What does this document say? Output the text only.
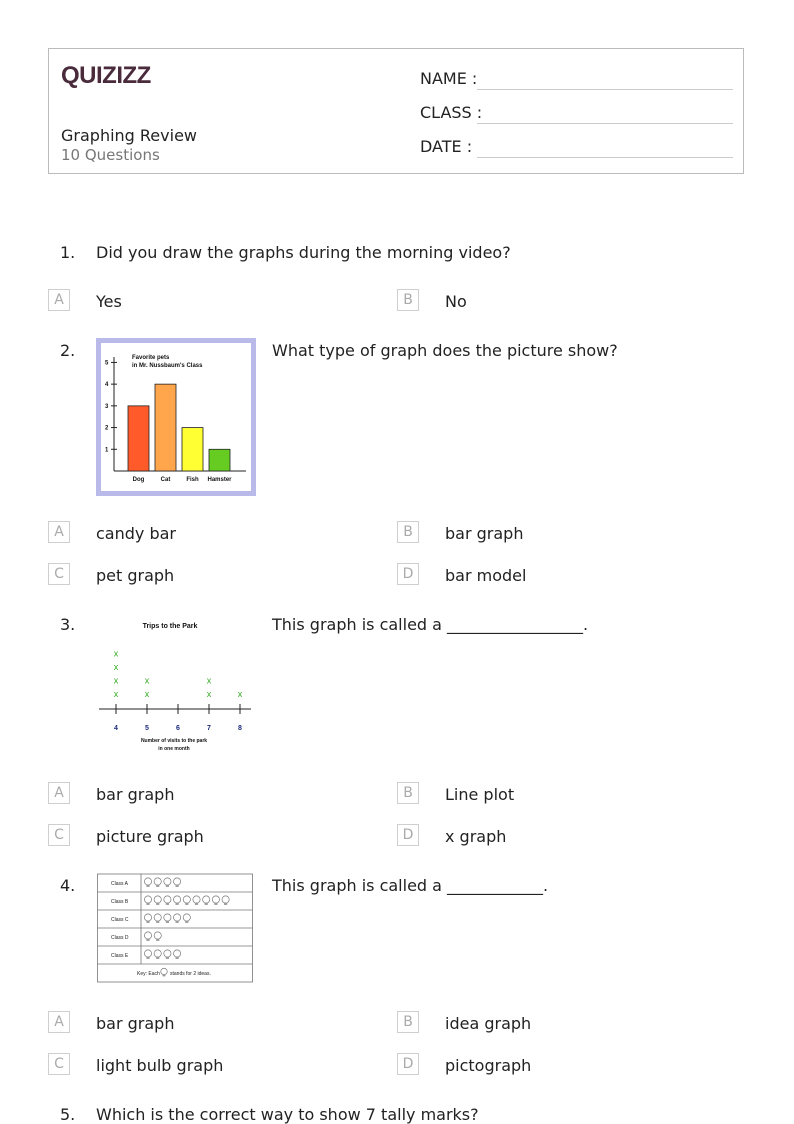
QUIZIZZ
Graphing Review
10 Questions
NAME :
CLASS :
DATE :
1. Did you draw the graphs during the morning video?
A	Yes	B	No
2.	Favorite pets
in Mr. Nussbaum's Class
1
2
3
4
5
Dog	Cat	Fish Hamster
What type of graph does the picture show?
A	candy bar	B	bar graph
C	pet graph	D	bar model
3.	Trips to the Park
4
x
x
x
x
5
x
x
6	7
x
x
8
x
Number of visits to the park
in one month
This graph is called a _________________.
A	bar graph	B	Line plot
C	picture graph	D	x graph
4.	Class A
Class B
Class C
Class D
Class E
Key: Each stands for 2 ideas.
This graph is called a ____________.
A	bar graph	B	idea graph
C	light bulb graph	D	pictograph
5. Which is the correct way to show 7 tally marks?
